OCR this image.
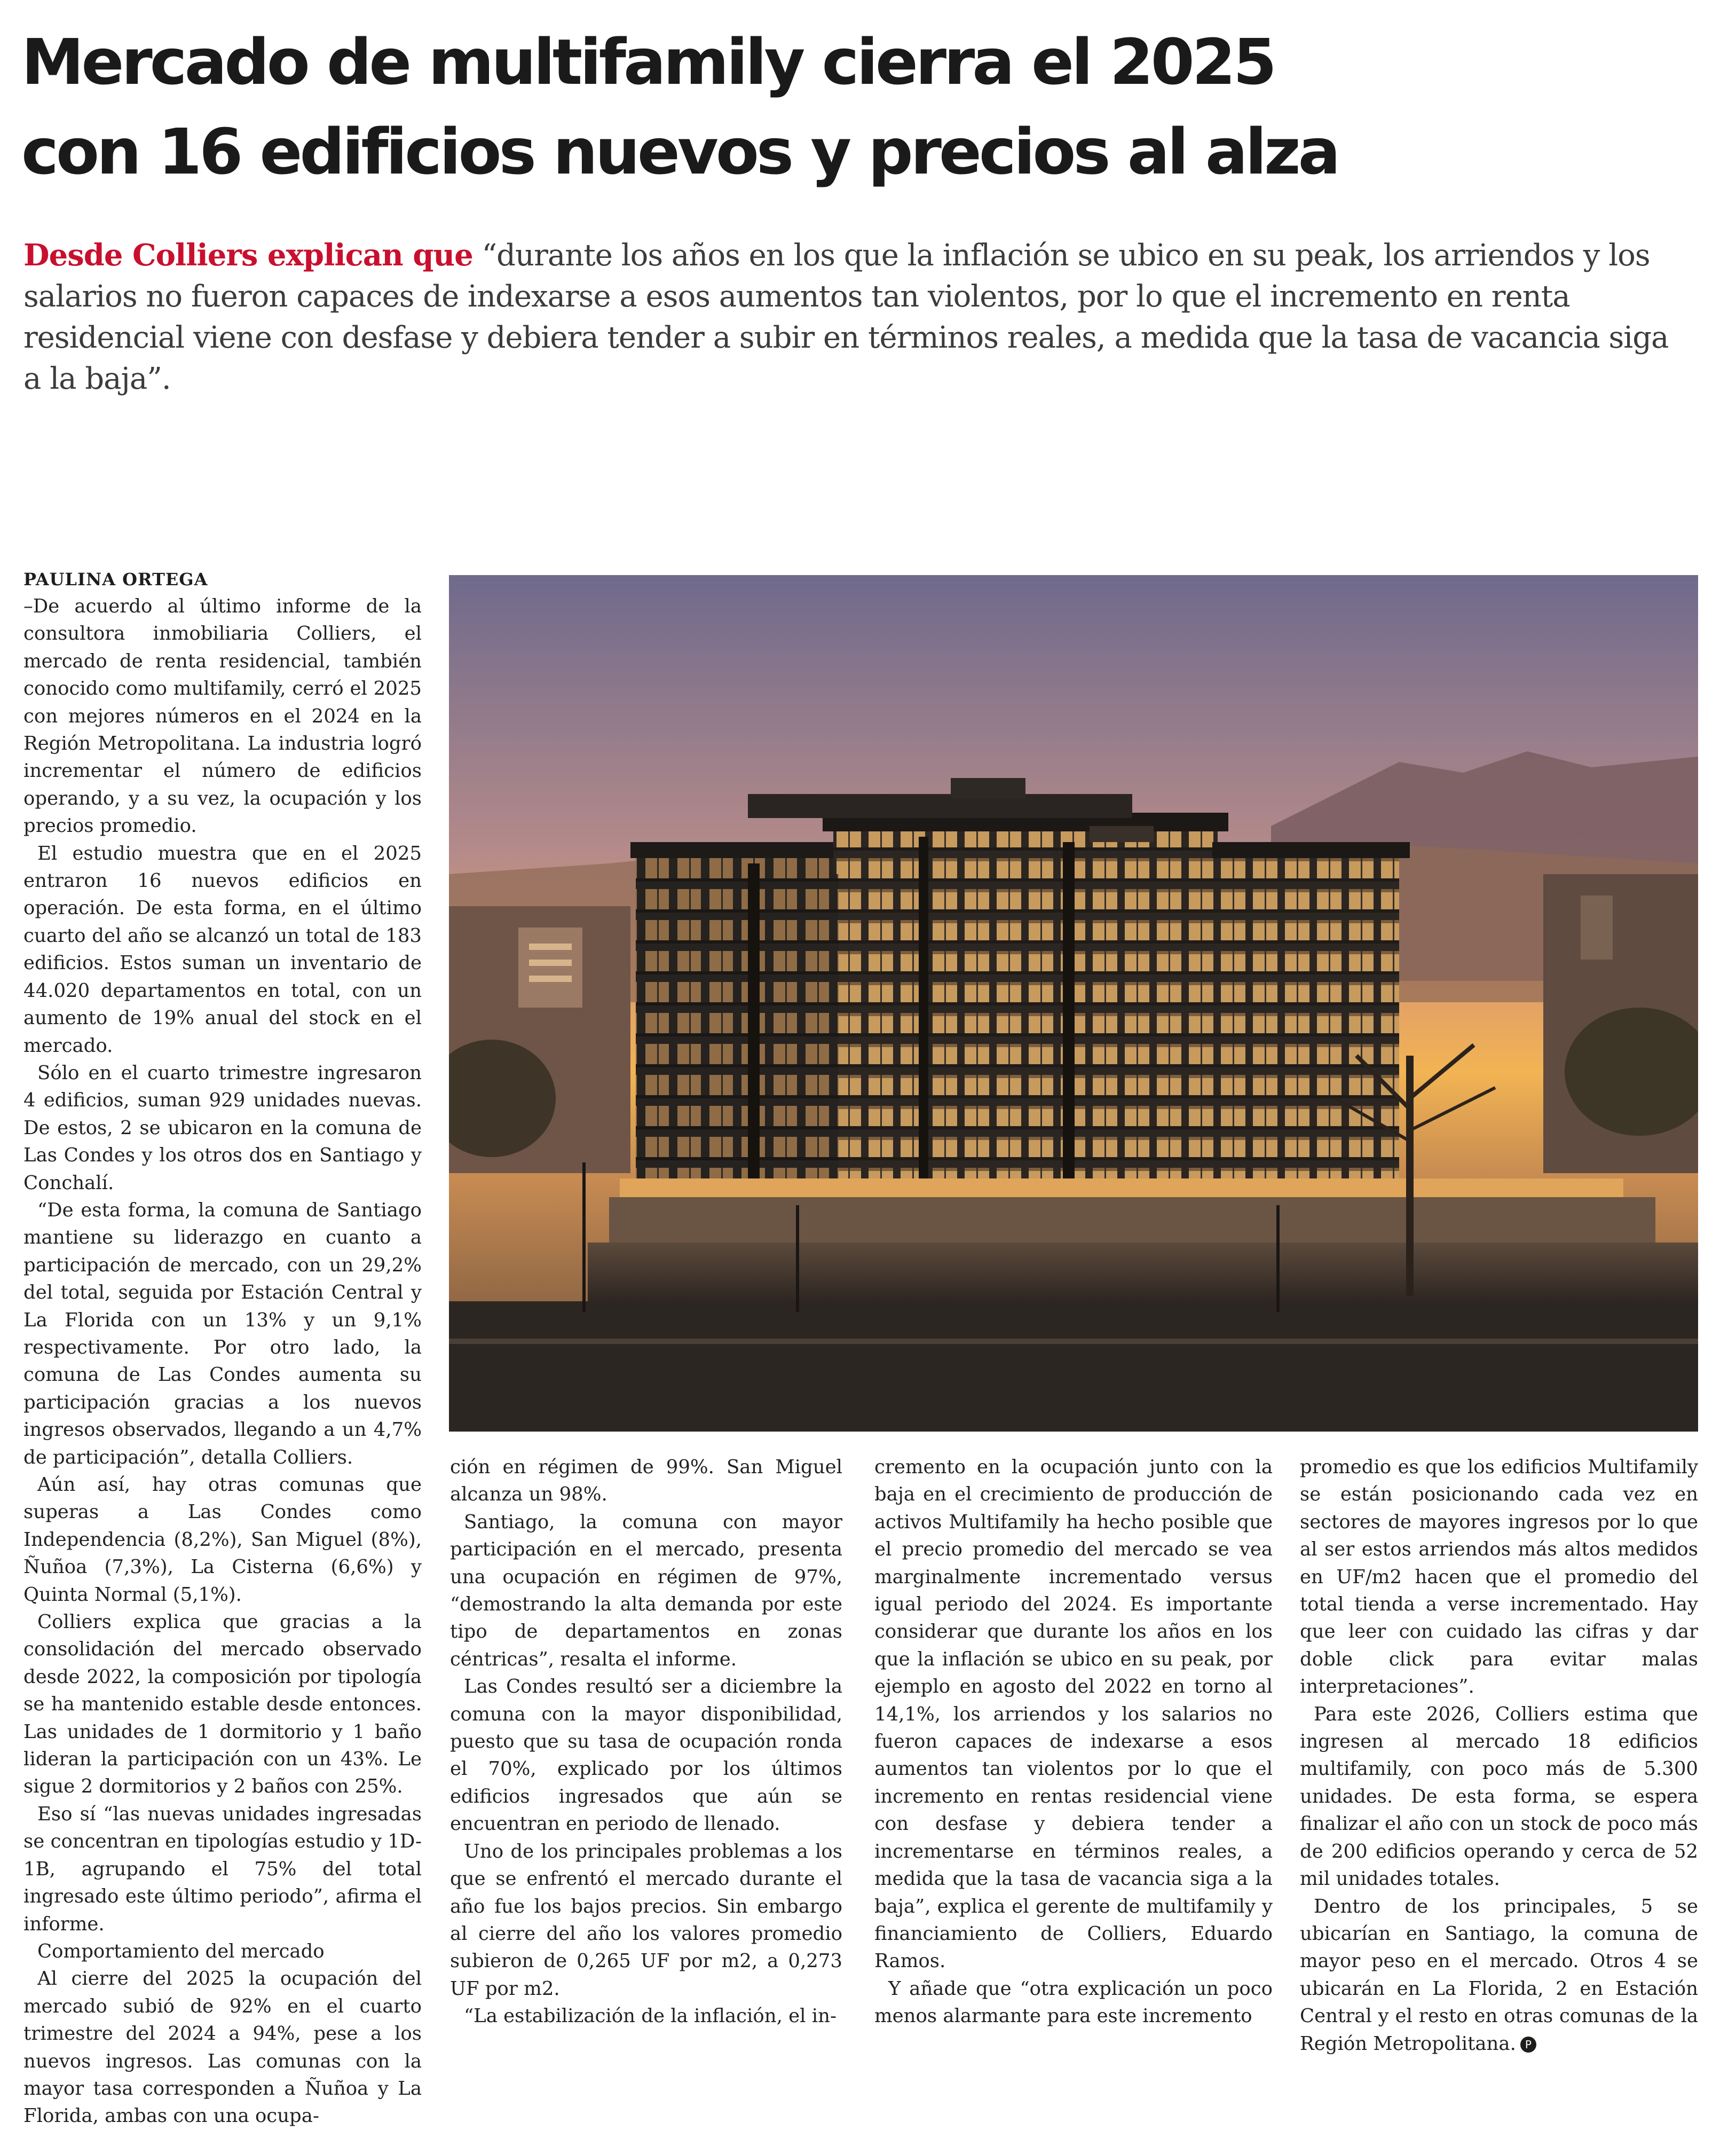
Mercado de multifamily cierra el 2025
con 16 edificios nuevos y precios al alza

Desde Colliers explican que “durante los años en los que la inflación se ubico en su peak, los arriendos y los salarios no fueron capaces de indexarse a esos aumentos tan violentos, por lo que el incremento en renta residencial viene con desfase y debiera tender a subir en términos reales, a medida que la tasa de vacancia siga a la baja”.

PAULINA ORTEGA

–De acuerdo al último informe de la consultora inmobiliaria Colliers, el mercado de renta residencial, también conocido como multifamily, cerró el 2025 con mejores números en el 2024 en la Región Metropolitana. La industria logró incrementar el número de edificios operando, y a su vez, la ocupación y los precios promedio.

El estudio muestra que en el 2025 entraron 16 nuevos edificios en operación. De esta forma, en el último cuarto del año se alcanzó un total de 183 edificios. Estos suman un inventario de 44.020 departamentos en total, con un aumento de 19% anual del stock en el mercado.

Sólo en el cuarto trimestre ingresaron 4 edificios, suman 929 unidades nuevas. De estos, 2 se ubicaron en la comuna de Las Condes y los otros dos en Santiago y Conchalí.

“De esta forma, la comuna de Santiago mantiene su liderazgo en cuanto a participación de mercado, con un 29,2% del total, seguida por Estación Central y La Florida con un 13% y un 9,1% respectivamente. Por otro lado, la comuna de Las Condes aumenta su participación gracias a los nuevos ingresos observados, llegando a un 4,7% de participación”, detalla Colliers.

Aún así, hay otras comunas que superas a Las Condes como Independencia (8,2%), San Miguel (8%), Ñuñoa (7,3%), La Cisterna (6,6%) y Quinta Normal (5,1%).

Colliers explica que gracias a la consolidación del mercado observado desde 2022, la composición por tipología se ha mantenido estable desde entonces. Las unidades de 1 dormitorio y 1 baño lideran la participación con un 43%. Le sigue 2 dormitorios y 2 baños con 25%.

Eso sí “las nuevas unidades ingresadas se concentran en tipologías estudio y 1D-1B, agrupando el 75% del total ingresado este último periodo”, afirma el informe.

Comportamiento del mercado

Al cierre del 2025 la ocupación del mercado subió de 92% en el cuarto trimestre del 2024 a 94%, pese a los nuevos ingresos. Las comunas con la mayor tasa corresponden a Ñuñoa y La Florida, ambas con una ocupa-

ción en régimen de 99%. San Miguel alcanza un 98%.

Santiago, la comuna con mayor participación en el mercado, presenta una ocupación en régimen de 97%, “demostrando la alta demanda por este tipo de departamentos en zonas céntricas”, resalta el informe.

Las Condes resultó ser a diciembre la comuna con la mayor disponibilidad, puesto que su tasa de ocupación ronda el 70%, explicado por los últimos edificios ingresados que aún se encuentran en periodo de llenado.

Uno de los principales problemas a los que se enfrentó el mercado durante el año fue los bajos precios. Sin embargo al cierre del año los valores promedio subieron de 0,265 UF por m2, a 0,273 UF por m2.

“La estabilización de la inflación, el in-

cremento en la ocupación junto con la baja en el crecimiento de producción de activos Multifamily ha hecho posible que el precio promedio del mercado se vea marginalmente incrementado versus igual periodo del 2024. Es importante considerar que durante los años en los que la inflación se ubico en su peak, por ejemplo en agosto del 2022 en torno al 14,1%, los arriendos y los salarios no fueron capaces de indexarse a esos aumentos tan violentos por lo que el incremento en rentas residencial viene con desfase y debiera tender a incrementarse en términos reales, a medida que la tasa de vacancia siga a la baja”, explica el gerente de multifamily y financiamiento de Colliers, Eduardo Ramos.

Y añade que “otra explicación un poco menos alarmante para este incremento

promedio es que los edificios Multifamily se están posicionando cada vez en sectores de mayores ingresos por lo que al ser estos arriendos más altos medidos en UF/m2 hacen que el promedio del total tienda a verse incrementado. Hay que leer con cuidado las cifras y dar doble click para evitar malas interpretaciones”.

Para este 2026, Colliers estima que ingresen al mercado 18 edificios multifamily, con poco más de 5.300 unidades. De esta forma, se espera finalizar el año con un stock de poco más de 200 edificios operando y cerca de 52 mil unidades totales.

Dentro de los principales, 5 se ubicarían en Santiago, la comuna de mayor peso en el mercado. Otros 4 se ubicarán en La Florida, 2 en Estación Central y el resto en otras comunas de la Región Metropolitana. P
